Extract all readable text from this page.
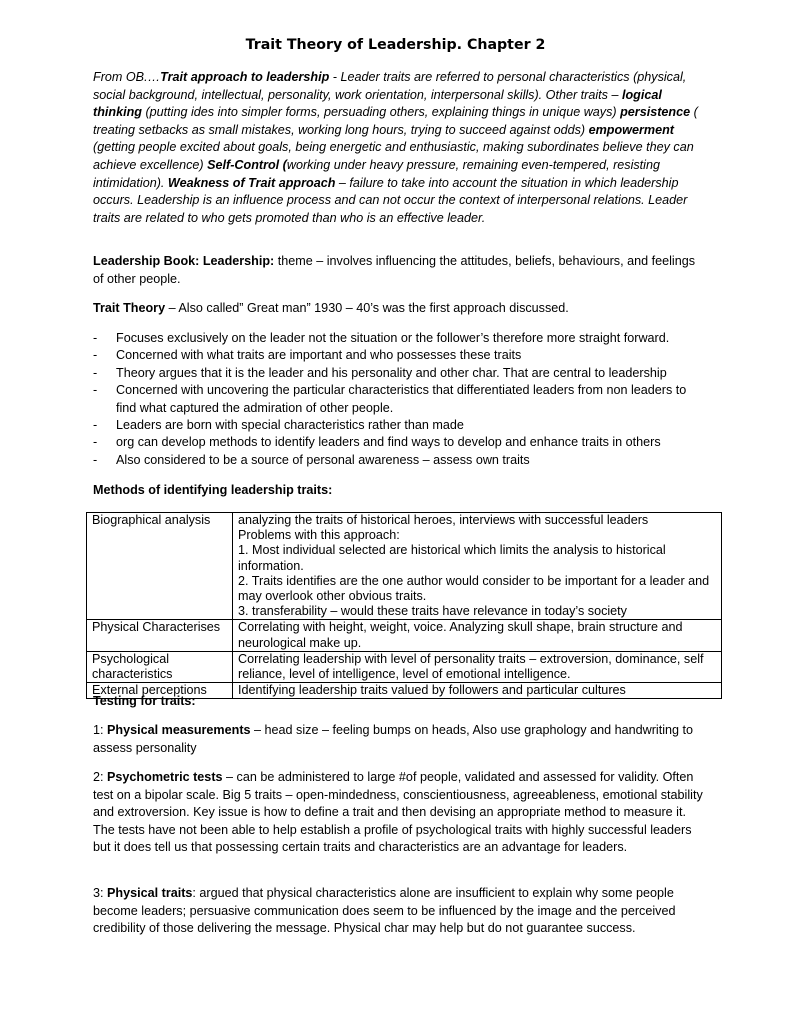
Trait Theory of Leadership. Chapter 2
From OB.…Trait approach to leadership - Leader traits are referred to personal characteristics (physical, social background, intellectual, personality, work orientation, interpersonal skills). Other traits – logical thinking (putting ides into simpler forms, persuading others, explaining things in unique ways) persistence ( treating setbacks as small mistakes, working long hours, trying to succeed against odds) empowerment (getting people excited about goals, being energetic and enthusiastic, making subordinates believe they can achieve excellence) Self-Control (working under heavy pressure, remaining even-tempered, resisting intimidation). Weakness of Trait approach – failure to take into account the situation in which leadership occurs. Leadership is an influence process and can not occur the context of interpersonal relations. Leader traits are related to who gets promoted than who is an effective leader.
Leadership Book: Leadership: theme – involves influencing the attitudes, beliefs, behaviours, and feelings of other people.
Trait Theory – Also called” Great man” 1930 – 40’s was the first approach discussed.
- Focuses exclusively on the leader not the situation or the follower’s therefore more straight forward.
- Concerned with what traits are important and who possesses these traits
- Theory argues that it is the leader and his personality and other char. That are central to leadership
- Concerned with uncovering the particular characteristics that differentiated leaders from non leaders to find what captured the admiration of other people.
- Leaders are born with special characteristics rather than made
- org can develop methods to identify leaders and find ways to develop and enhance traits in others
- Also considered to be a source of personal awareness – assess own traits
Methods of identifying leadership traits:
Biographical analysis	analyzing the traits of historical heroes, interviews with successful leaders
Problems with this approach:
1. Most individual selected are historical which limits the analysis to historical information.
2. Traits identifies are the one author would consider to be important for a leader and may overlook other obvious traits.
3. transferability – would these traits have relevance in today’s society

Physical Characterises	Correlating with height, weight, voice. Analyzing skull shape, brain structure and neurological make up.
Psychological characteristics	Correlating leadership with level of personality traits – extroversion, dominance, self reliance, level of intelligence, level of emotional intelligence.
External perceptions	Identifying leadership traits valued by followers and particular cultures
Testing for traits:
1: Physical measurements – head size – feeling bumps on heads, Also use graphology and handwriting to assess personality
2: Psychometric tests – can be administered to large #of people, validated and assessed for validity. Often test on a bipolar scale. Big 5 traits – open-mindedness, conscientiousness, agreeableness, emotional stability and extroversion. Key issue is how to define a trait and then devising an appropriate method to measure it. The tests have not been able to help establish a profile of psychological traits with highly successful leaders but it does tell us that possessing certain traits and characteristics are an advantage for leaders.
3: Physical traits: argued that physical characteristics alone are insufficient to explain why some people become leaders; persuasive communication does seem to be influenced by the image and the perceived credibility of those delivering the message. Physical char may help but do not guarantee success.
